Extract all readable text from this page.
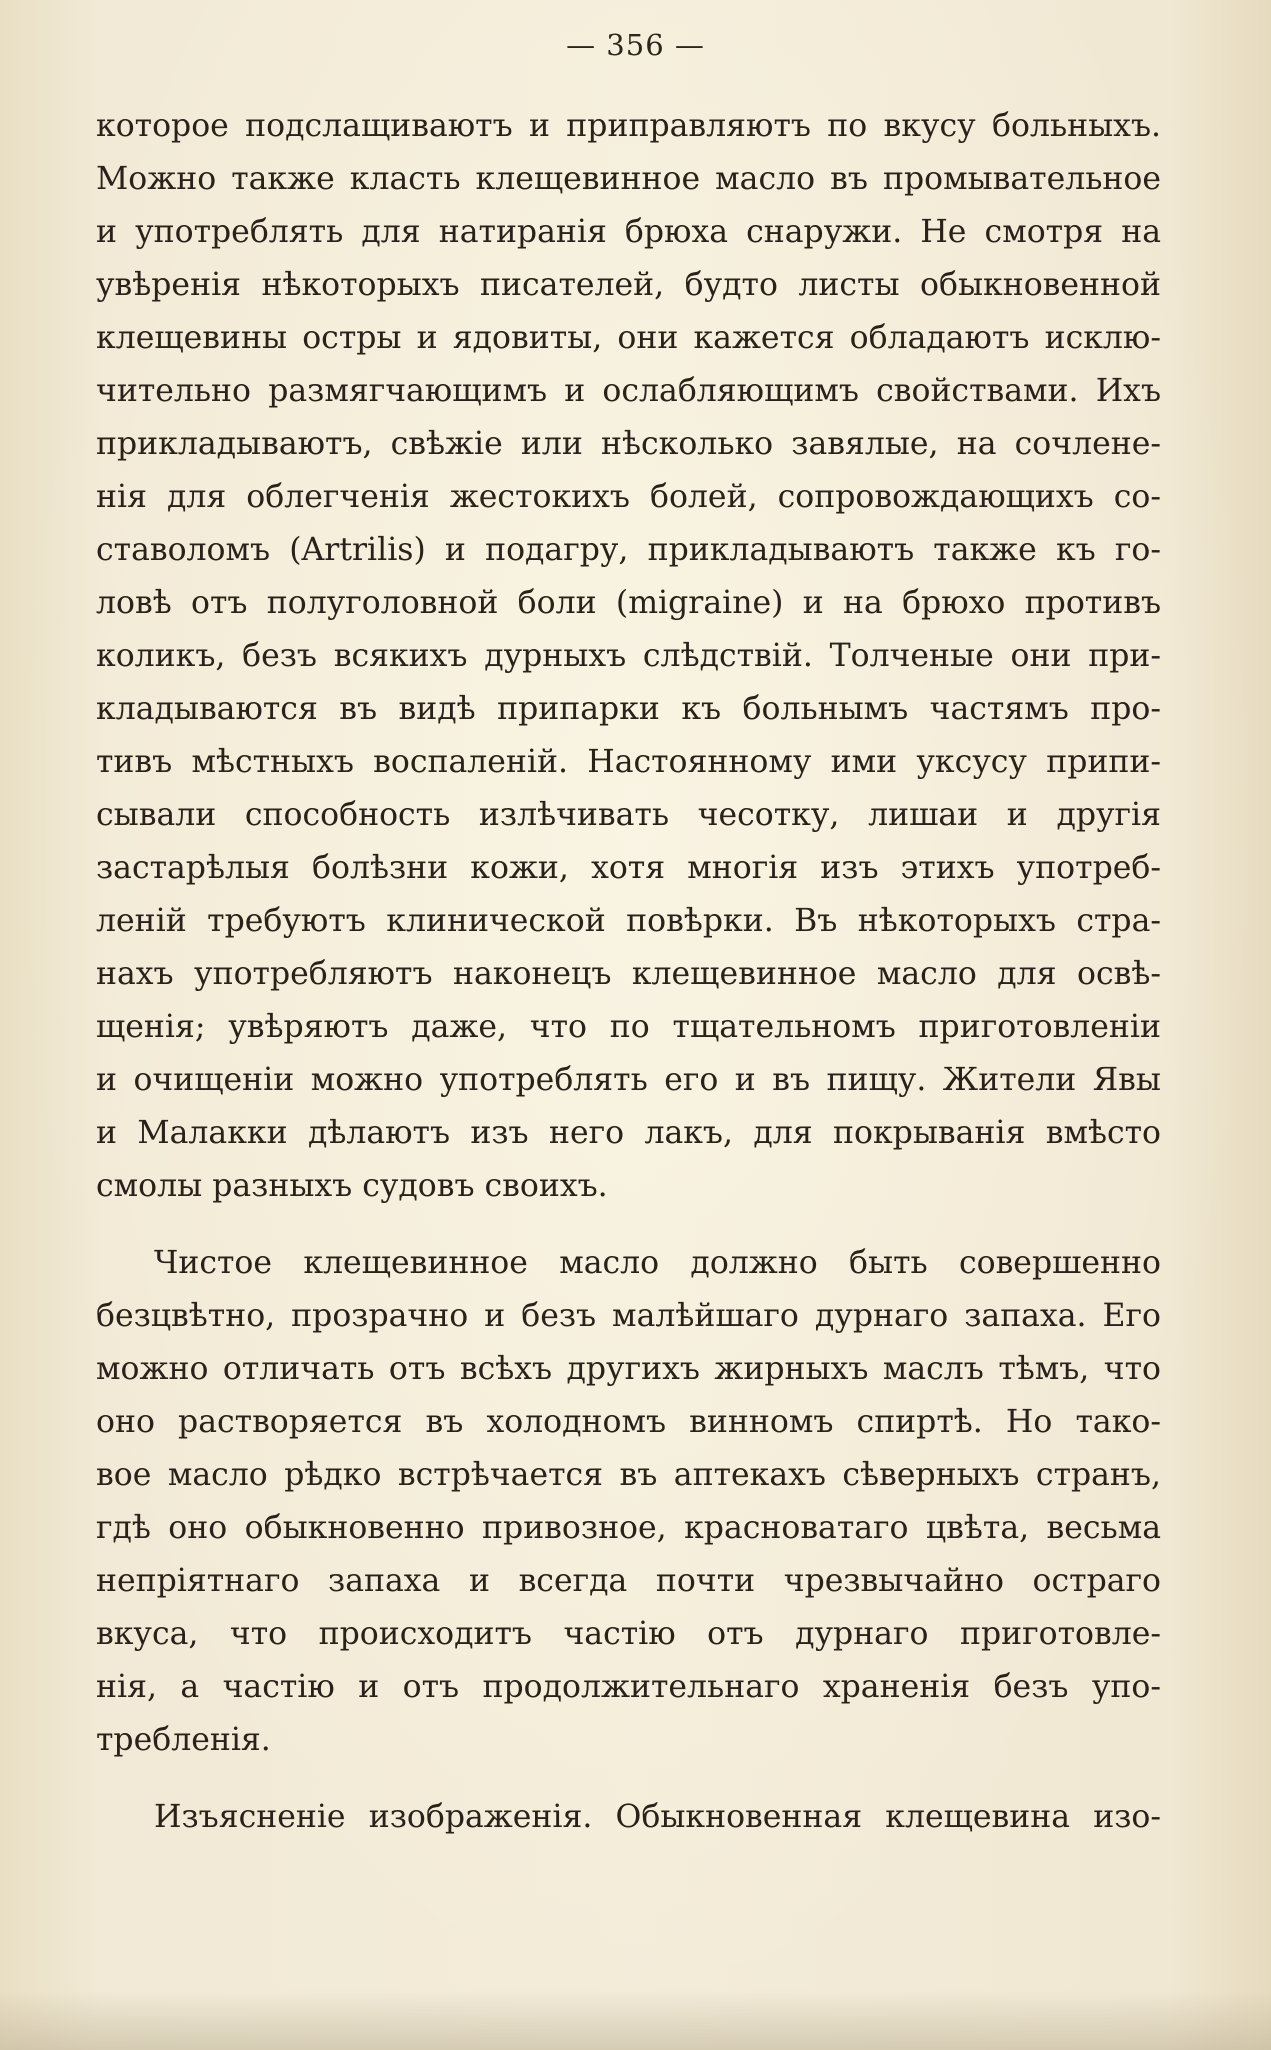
— 356 —
которое подслащиваютъ и приправляютъ по вкусу больныхъ.
Можно также класть клещевинное масло въ промывательное
и употреблять для натиранія брюха снаружи. Не смотря на
увѣренія нѣкоторыхъ писателей, будто листы обыкновенной
клещевины остры и ядовиты, они кажется обладаютъ исклю-
чительно размягчающимъ и ослабляющимъ свойствами. Ихъ
прикладываютъ, свѣжіе или нѣсколько завялые, на сочлене-
нія для облегченія жестокихъ болей, сопровождающихъ со-
ставоломъ (Artrilis) и подагру, прикладываютъ также къ го-
ловѣ отъ полуголовной боли (migraine) и на брюхо противъ
коликъ, безъ всякихъ дурныхъ слѣдствій. Толченые они при-
кладываются въ видѣ припарки къ больнымъ частямъ про-
тивъ мѣстныхъ воспаленій. Настоянному ими уксусу припи-
сывали способность излѣчивать чесотку, лишаи и другія
застарѣлыя болѣзни кожи, хотя многія изъ этихъ употреб-
леній требуютъ клинической повѣрки. Въ нѣкоторыхъ стра-
нахъ употребляютъ наконецъ клещевинное масло для освѣ-
щенія; увѣряютъ даже, что по тщательномъ приготовленіи
и очищеніи можно употреблять его и въ пищу. Жители Явы
и Малакки дѣлаютъ изъ него лакъ, для покрыванія вмѣсто
смолы разныхъ судовъ своихъ.
Чистое клещевинное масло должно быть совершенно
безцвѣтно, прозрачно и безъ малѣйшаго дурнаго запаха. Его
можно отличать отъ всѣхъ другихъ жирныхъ маслъ тѣмъ, что
оно растворяется въ холодномъ винномъ спиртѣ. Но тако-
вое масло рѣдко встрѣчается въ аптекахъ сѣверныхъ странъ,
гдѣ оно обыкновенно привозное, красноватаго цвѣта, весьма
непріятнаго запаха и всегда почти чрезвычайно остраго
вкуса, что происходитъ частію отъ дурнаго приготовле-
нія, а частію и отъ продолжительнаго храненія безъ упо-
требленія.
Изъясненіе изображенія. Обыкновенная клещевина изо-
